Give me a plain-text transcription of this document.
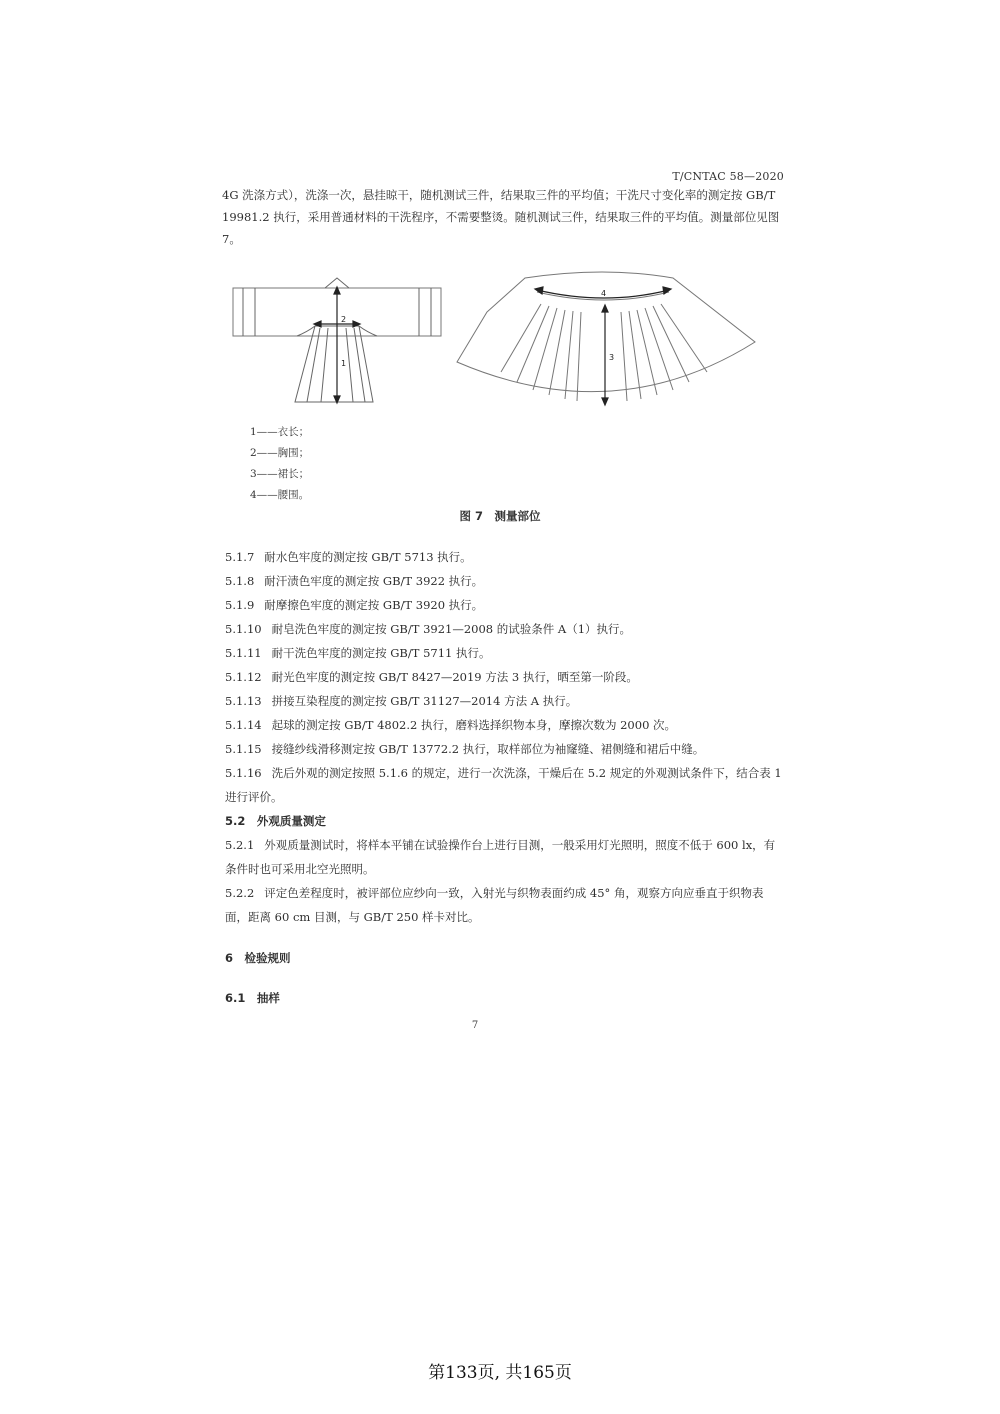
T/CNTAC 58—2020
4G 洗涤方式），洗涤一次，悬挂晾干，随机测试三件，结果取三件的平均值；干洗尺寸变化率的测定按 GB/T 19981.2 执行，采用普通材料的干洗程序，不需要整烫。随机测试三件，结果取三件的平均值。测量部位见图 7。
1
2
3
4
1——衣长；
2——胸围；
3——裙长；
4——腰围。
图 7　测量部位
5.1.7 耐水色牢度的测定按 GB/T 5713 执行。
5.1.8 耐汗渍色牢度的测定按 GB/T 3922 执行。
5.1.9 耐摩擦色牢度的测定按 GB/T 3920 执行。
5.1.10 耐皂洗色牢度的测定按 GB/T 3921—2008 的试验条件 A（1）执行。
5.1.11 耐干洗色牢度的测定按 GB/T 5711 执行。
5.1.12 耐光色牢度的测定按 GB/T 8427—2019 方法 3 执行，晒至第一阶段。
5.1.13 拼接互染程度的测定按 GB/T 31127—2014 方法 A 执行。
5.1.14 起球的测定按 GB/T 4802.2 执行，磨料选择织物本身，摩擦次数为 2000 次。
5.1.15 接缝纱线滑移测定按 GB/T 13772.2 执行，取样部位为袖窿缝、裙侧缝和裙后中缝。
5.1.16 洗后外观的测定按照 5.1.6 的规定，进行一次洗涤，干燥后在 5.2 规定的外观测试条件下，结合表 1 进行评价。
5.2　外观质量测定
5.2.1 外观质量测试时，将样本平铺在试验操作台上进行目测，一般采用灯光照明，照度不低于 600 lx，有条件时也可采用北空光照明。
5.2.2 评定色差程度时，被评部位应纱向一致，入射光与织物表面约成 45° 角，观察方向应垂直于织物表面，距离 60 cm 目测，与 GB/T 250 样卡对比。
6　检验规则
6.1　抽样
7
第133页, 共165页
